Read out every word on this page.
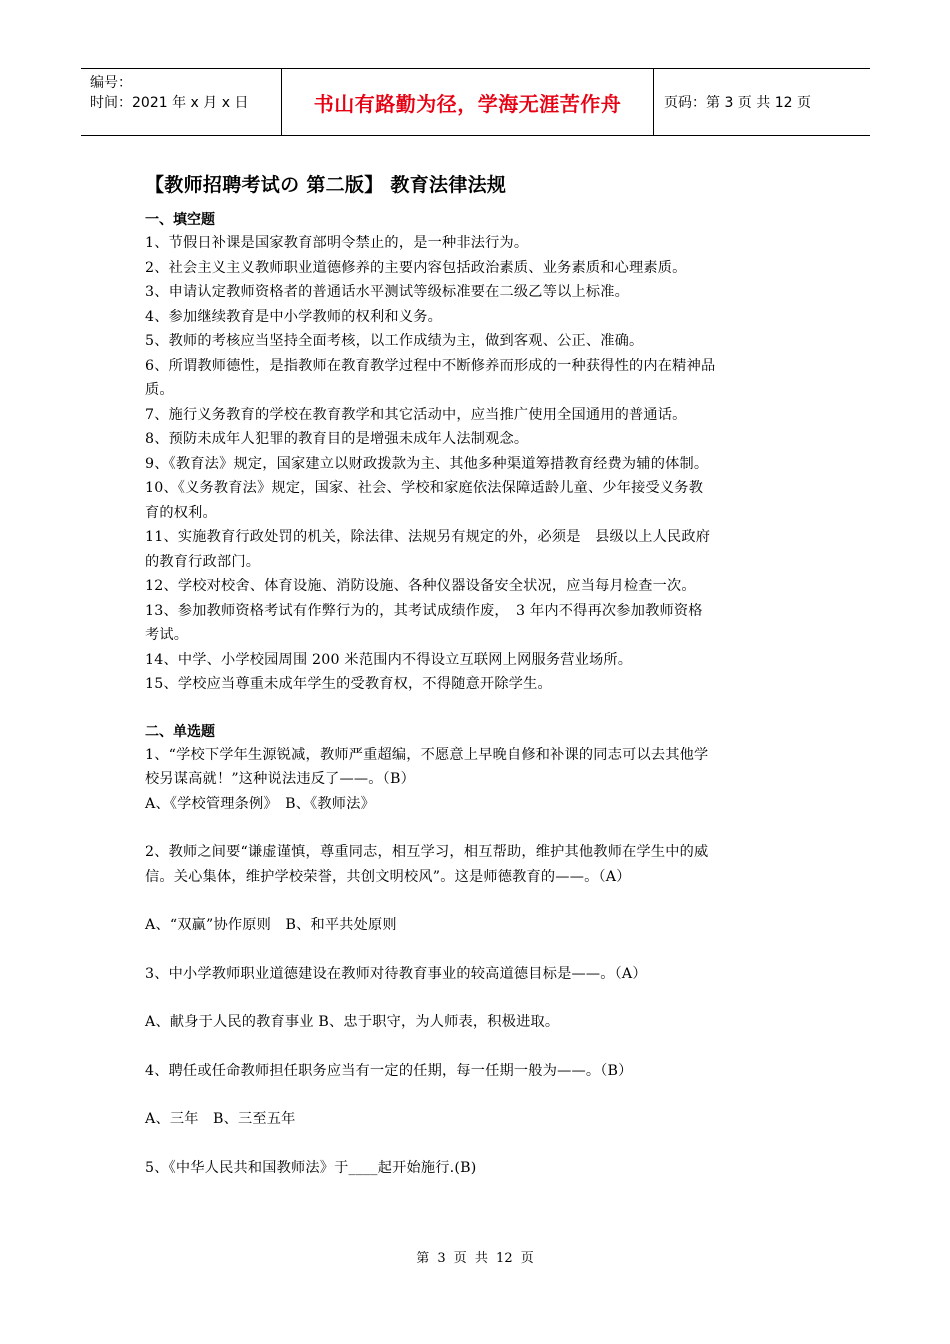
编号：
时间：2021 年 x 月 x 日	书山有路勤为径，学海无涯苦作舟	页码：第 3 页 共 12 页
【教师招聘考试の 第二版】 教育法律法规

一、填空题

1、节假日补课是国家教育部明令禁止的，是一种非法行为。

2、社会主义主义教师职业道德修养的主要内容包括政治素质、业务素质和心理素质。

3、申请认定教师资格者的普通话水平测试等级标准要在二级乙等以上标准。

4、参加继续教育是中小学教师的权利和义务。

5、教师的考核应当坚持全面考核，以工作成绩为主，做到客观、公正、准确。

6、所谓教师德性，是指教师在教育教学过程中不断修养而形成的一种获得性的内在精神品

质。

7、施行义务教育的学校在教育教学和其它活动中，应当推广使用全国通用的普通话。

8、预防未成年人犯罪的教育目的是增强未成年人法制观念。

9、《教育法》规定，国家建立以财政拨款为主、其他多种渠道筹措教育经费为辅的体制。

10、《义务教育法》规定，国家、社会、学校和家庭依法保障适龄儿童、少年接受义务教

育的权利。

11、实施教育行政处罚的机关，除法律、法规另有规定的外，必须是　县级以上人民政府

的教育行政部门。

12、学校对校舍、体育设施、消防设施、各种仪器设备安全状况，应当每月检查一次。

13、参加教师资格考试有作弊行为的，其考试成绩作废，　3 年内不得再次参加教师资格

考试。

14、中学、小学校园周围 200 米范围内不得设立互联网上网服务营业场所。

15、学校应当尊重未成年学生的受教育权，不得随意开除学生。

二、单选题

1、“学校下学年生源锐减，教师严重超编，不愿意上早晚自修和补课的同志可以去其他学

校另谋高就！”这种说法违反了——。（B）

A、《学校管理条例》　B、《教师法》

2、教师之间要“谦虚谨慎，尊重同志，相互学习，相互帮助，维护其他教师在学生中的威

信。关心集体，维护学校荣誉，共创文明校风”。这是师德教育的——。（A）

A、“双赢”协作原则　B、和平共处原则

3、中小学教师职业道德建设在教师对待教育事业的较高道德目标是——。（A）

A、献身于人民的教育事业 B、忠于职守，为人师表，积极进取。

4、聘任或任命教师担任职务应当有一定的任期，每一任期一般为——。（B）

A、三年　B、三至五年

5、《中华人民共和国教师法》于____起开始施行.(B)

第 3 页 共 12 页
